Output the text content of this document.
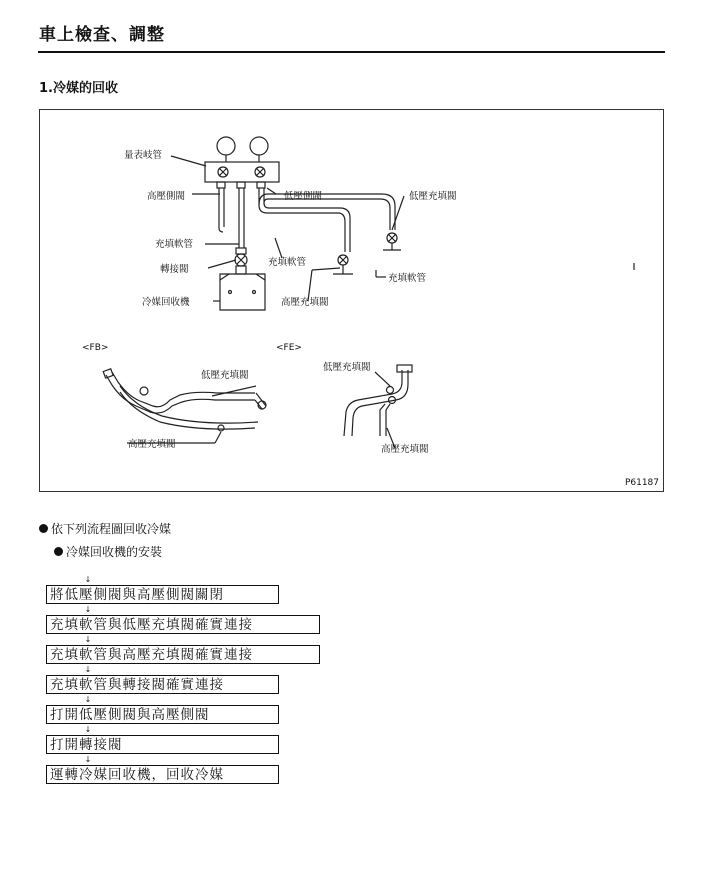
車上檢查、調整
1.冷媒的回收
量表岐管
高壓側閥	低壓側閥	低壓充填閥
充填軟管
充填軟管
充填軟管
轉接閥
冷媒回收機	高壓充填閥
<FB>	<FE>
低壓充填閥
高壓充填閥
低壓充填閥
高壓充填閥
P61187
依下列流程圖回收冷媒
冷媒回收機的安裝
↓
將低壓側閥與高壓側閥關閉
↓
充填軟管與低壓充填閥確實連接
↓
充填軟管與高壓充填閥確實連接
↓
充填軟管與轉接閥確實連接
↓
打開低壓側閥與高壓側閥
↓
打開轉接閥
↓
運轉冷媒回收機，回收冷媒
